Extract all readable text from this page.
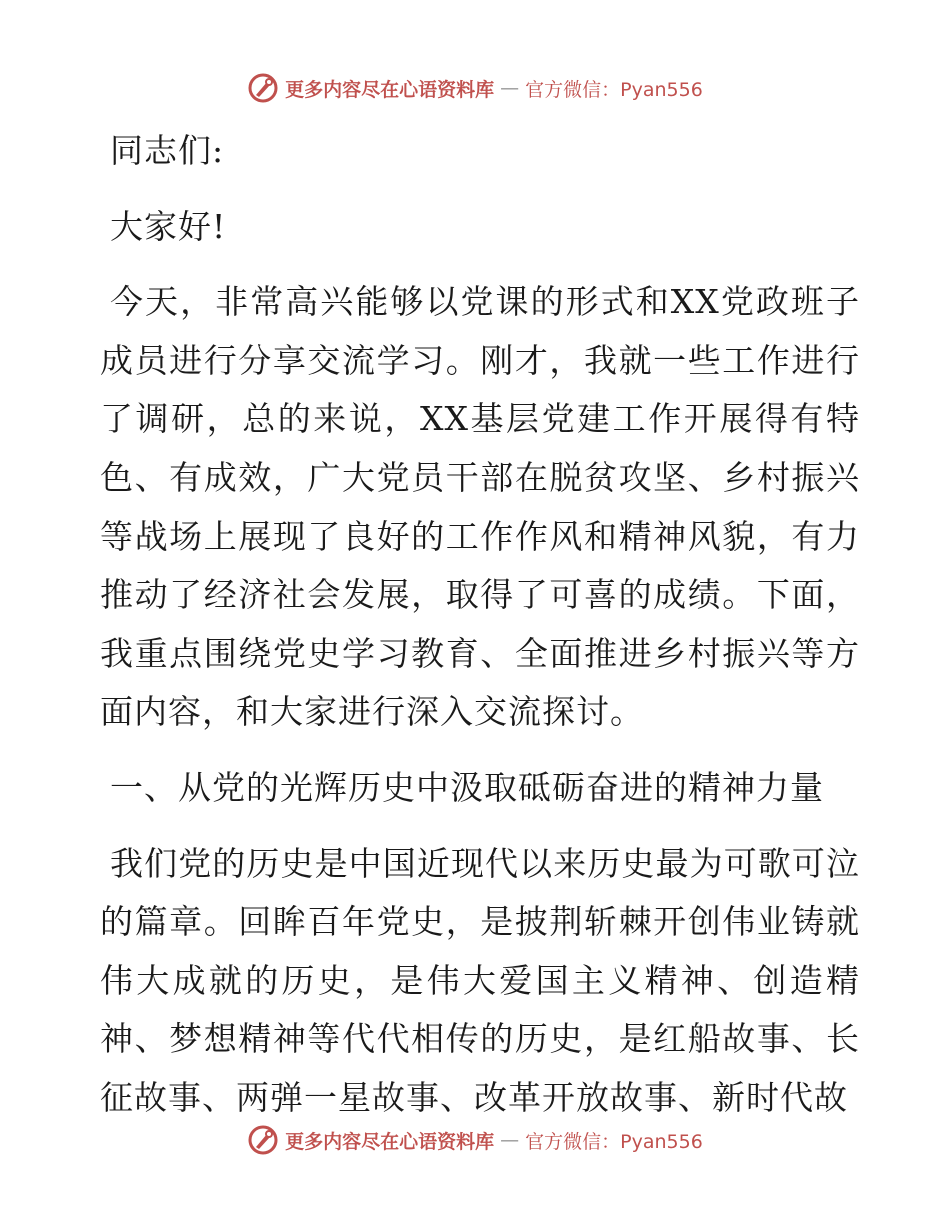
更多内容尽在心语资料库 — 官方微信：Pyan556

同志们:

大家好!

今天，非常高兴能够以党课的形式和XX党政班子成员进行分享交流学习。刚才，我就一些工作进行了调研，总的来说，XX基层党建工作开展得有特色、有成效，广大党员干部在脱贫攻坚、乡村振兴等战场上展现了良好的工作作风和精神风貌，有力推动了经济社会发展，取得了可喜的成绩。下面，我重点围绕党史学习教育、全面推进乡村振兴等方面内容，和大家进行深入交流探讨。

一、从党的光辉历史中汲取砥砺奋进的精神力量

我们党的历史是中国近现代以来历史最为可歌可泣的篇章。回眸百年党史，是披荆斩棘开创伟业铸就伟大成就的历史，是伟大爱国主义精神、创造精神、梦想精神等代代相传的历史，是红船故事、长征故事、两弹一星故事、改革开放故事、新时代故

更多内容尽在心语资料库 — 官方微信：Pyan556
